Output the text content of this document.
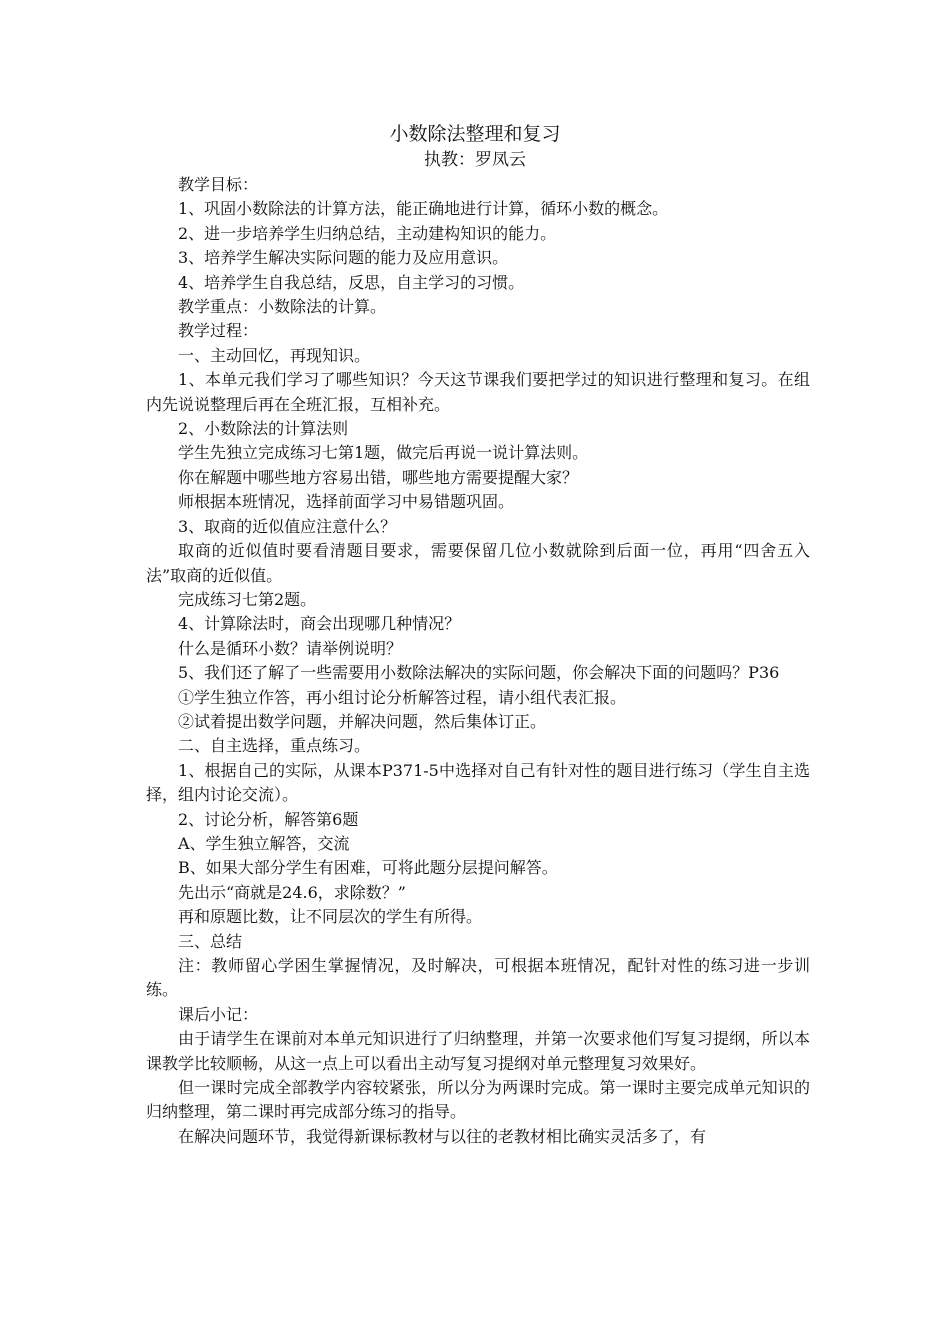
小数除法整理和复习
执教：罗凤云

教学目标：

1、巩固小数除法的计算方法，能正确地进行计算，循环小数的概念。

2、进一步培养学生归纳总结，主动建构知识的能力。

3、培养学生解决实际问题的能力及应用意识。

4、培养学生自我总结，反思，自主学习的习惯。

教学重点：小数除法的计算。

教学过程：

一、主动回忆，再现知识。

1、本单元我们学习了哪些知识？今天这节课我们要把学过的知识进行整理和复习。在组内先说说整理后再在全班汇报，互相补充。

2、小数除法的计算法则

学生先独立完成练习七第1题，做完后再说一说计算法则。

你在解题中哪些地方容易出错，哪些地方需要提醒大家？

师根据本班情况，选择前面学习中易错题巩固。

3、取商的近似值应注意什么？

取商的近似值时要看清题目要求，需要保留几位小数就除到后面一位，再用“四舍五入法”取商的近似值。

完成练习七第2题。

4、计算除法时，商会出现哪几种情况？

什么是循环小数？请举例说明？

5、我们还了解了一些需要用小数除法解决的实际问题，你会解决下面的问题吗？P36

①学生独立作答，再小组讨论分析解答过程，请小组代表汇报。

②试着提出数学问题，并解决问题，然后集体订正。

二、自主选择，重点练习。

1、根据自己的实际，从课本P371-5中选择对自己有针对性的题目进行练习（学生自主选择，组内讨论交流）。

2、讨论分析，解答第6题

A、学生独立解答，交流

B、如果大部分学生有困难，可将此题分层提问解答。

先出示“商就是24.6，求除数？”

再和原题比数，让不同层次的学生有所得。

三、总结

注：教师留心学困生掌握情况，及时解决，可根据本班情况，配针对性的练习进一步训练。

课后小记：

由于请学生在课前对本单元知识进行了归纳整理，并第一次要求他们写复习提纲，所以本课教学比较顺畅，从这一点上可以看出主动写复习提纲对单元整理复习效果好。

但一课时完成全部教学内容较紧张，所以分为两课时完成。第一课时主要完成单元知识的归纳整理，第二课时再完成部分练习的指导。

在解决问题环节，我觉得新课标教材与以往的老教材相比确实灵活多了，有
